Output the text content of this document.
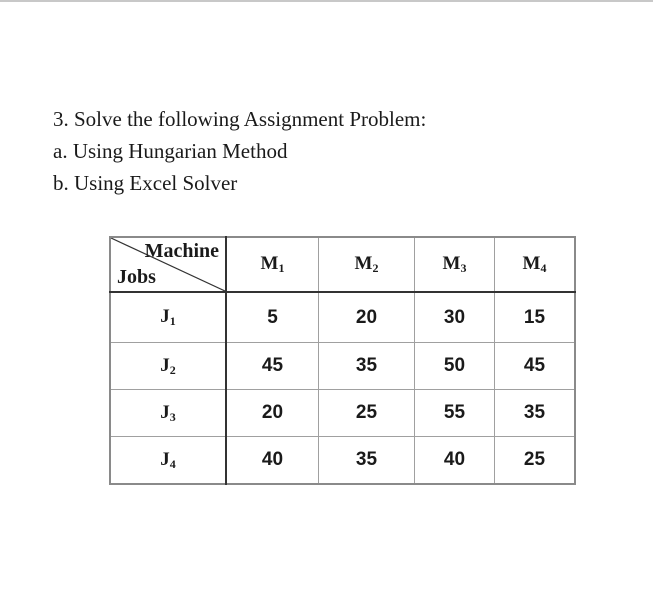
3. Solve the following Assignment Problem:
a. Using Hungarian Method
b. Using Excel Solver
Machine
Jobs	$M_1$	$M_2$	$M_3$	$M_4$
$J_1$	5	20	30	15
$J_2$	45	35	50	45
$J_3$	20	25	55	35
$J_4$	40	35	40	25
